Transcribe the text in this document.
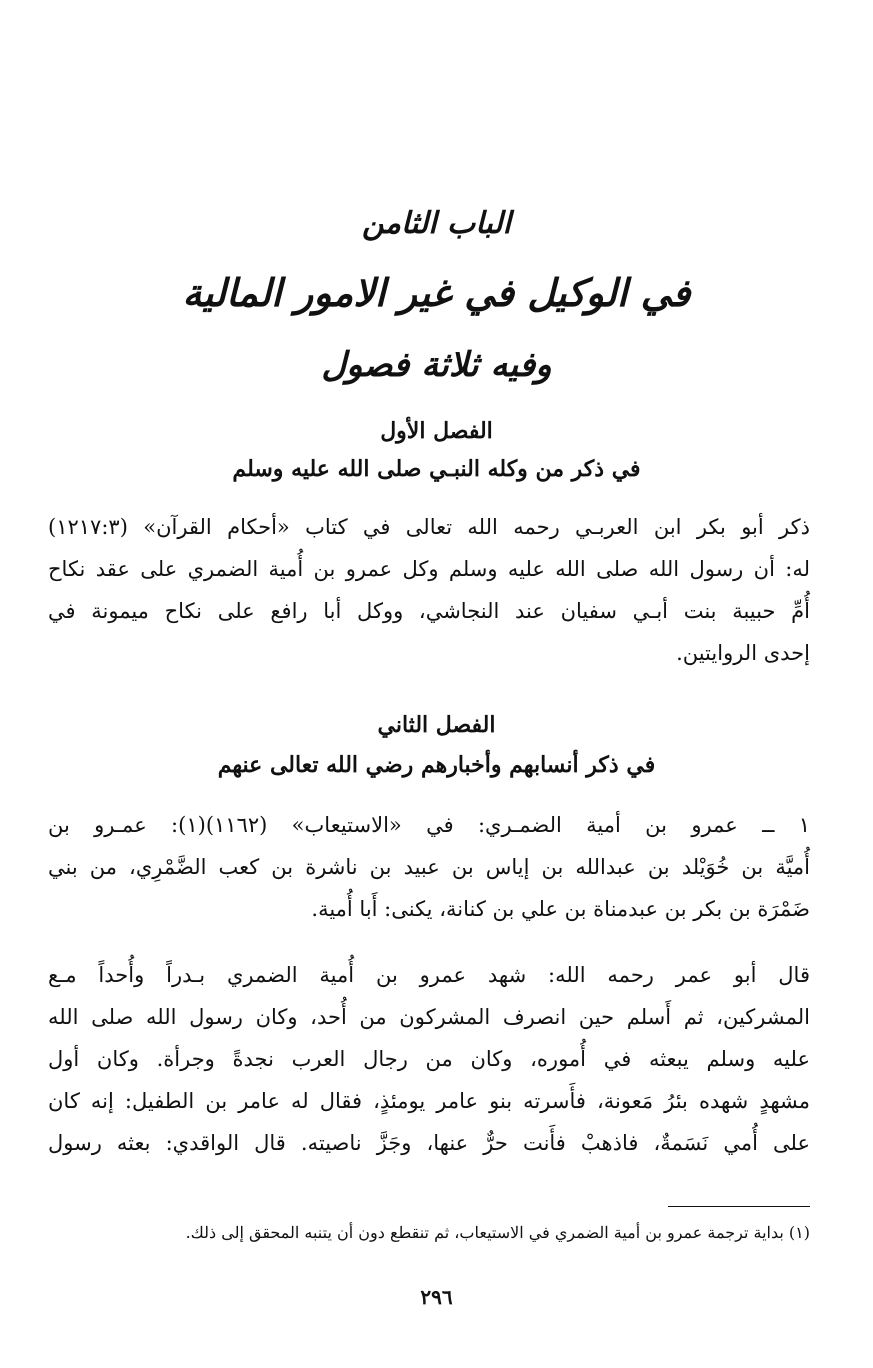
الباب الثامن
في الوكيل في غير الامور المالية
وفيه ثلاثة فصول
الفصل الأول
في ذكر من وكله النبـي صلى الله عليه وسلم
ذكر أبو بكر ابن العربـي رحمه الله تعالى في كتاب «أحكام القرآن» (١٢١٧:٣)
له: أن رسول الله صلى الله عليه وسلم وكل عمرو بن أُمية الضمري على عقد نكاح
أُمِّ حبيبة بنت أبـي سفيان عند النجاشي، ووكل أبا رافع على نكاح ميمونة في
إحدى الروايتين.
الفصل الثاني
في ذكر أنسابهم وأخبارهم رضي الله تعالى عنهم
١ ــ عمرو بن أمية الضمـري: في «الاستيعاب» (١١٦٢)(١): عمـرو بن
أُميَّة بن خُوَيْلد بن عبدالله بن إياس بن عبيد بن ناشرة بن كعب الضَّمْرِي، من بني
ضَمْرَة بن بكر بن عبدمناة بن علي بن كنانة، يكنى: أَبا أُمية.
قال أبو عمر رحمه الله: شهد عمرو بن أُمية الضمري بـدراً وأُحداً مـع
المشركين، ثم أَسلم حين انصرف المشركون من أُحد، وكان رسول الله صلى الله
عليه وسلم يبعثه في أُموره، وكان من رجال العرب نجدةً وجرأة. وكان أول
مشهدٍ شهده بئرُ مَعونة، فأَسرته بنو عامر يومئذٍ، فقال له عامر بن الطفيل: إنه كان
على أُمي نَسَمةٌ، فاذهبْ فأَنت حرٌّ عنها، وجَزَّ ناصيته. قال الواقدي: بعثه رسول
(١) بداية ترجمة عمرو بن أمية الضمري في الاستيعاب، ثم تنقطع دون أن يتنبه المحقق إلى ذلك.
٢٩٦
